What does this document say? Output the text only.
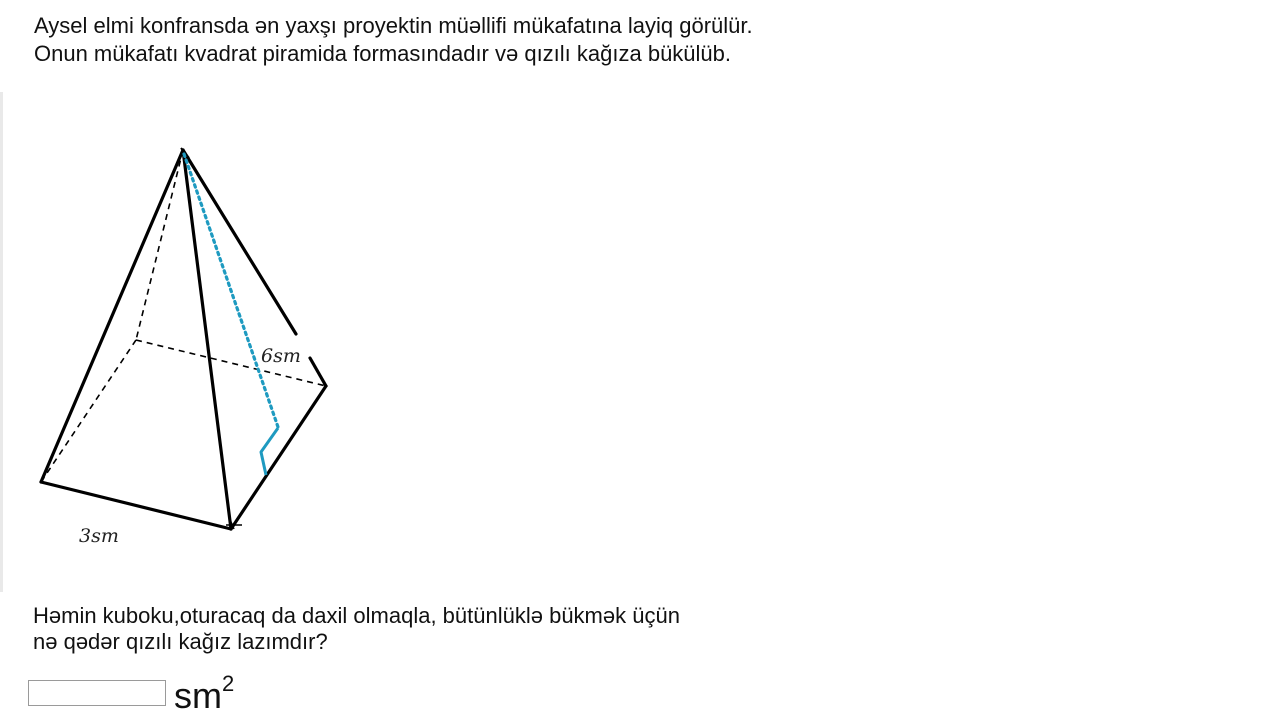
Aysel elmi konfransda ən yaxşı proyektin müəllifi mükafatına layiq görülür.
Onun mükafatı kvadrat piramida formasındadır və qızılı kağıza bükülüb.
6sm
3sm
Həmin kuboku,oturacaq da daxil olmaqla, bütünlüklə bükmək üçün
nə qədər qızılı kağız lazımdır?
$sm^2$
